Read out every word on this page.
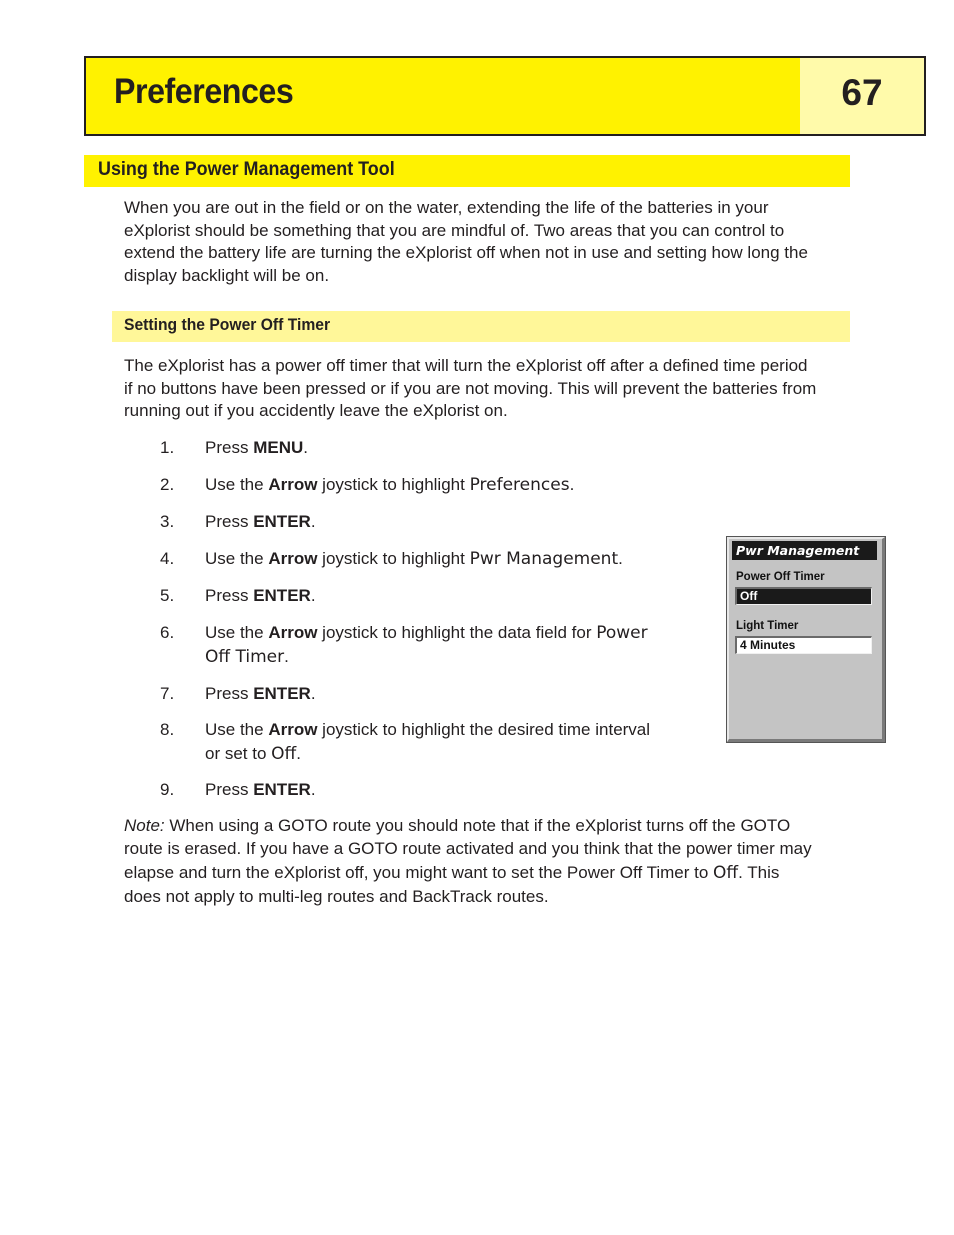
Preferences	67
Using the Power Management Tool
When you are out in the field or on the water, extending the life of the batteries in your
eXplorist should be something that you are mindful of. Two areas that you can control to
extend the battery life are turning the eXplorist off when not in use and setting how long the
display backlight will be on.
Setting the Power Off Timer
The eXplorist has a power off timer that will turn the eXplorist off after a defined time period
if no buttons have been pressed or if you are not moving. This will prevent the batteries from
running out if you accidently leave the eXplorist on.
1.	Press MENU.
2.	Use the Arrow joystick to highlight Preferences.
3.	Press ENTER.
4.	Use the Arrow joystick to highlight Pwr Management.
5.	Press ENTER.
6.	Use the Arrow joystick to highlight the data field for Power
Off Timer.
7.	Press ENTER.
8.	Use the Arrow joystick to highlight the desired time interval
or set to Off.
9.	Press ENTER.
Note: When using a GOTO route you should note that if the eXplorist turns off the GOTO
route is erased. If you have a GOTO route activated and you think that the power timer may
elapse and turn the eXplorist off, you might want to set the Power Off Timer to Off. This
does not apply to multi-leg routes and BackTrack routes.
Pwr Management
Power Off Timer
Off
Light Timer
4 Minutes
